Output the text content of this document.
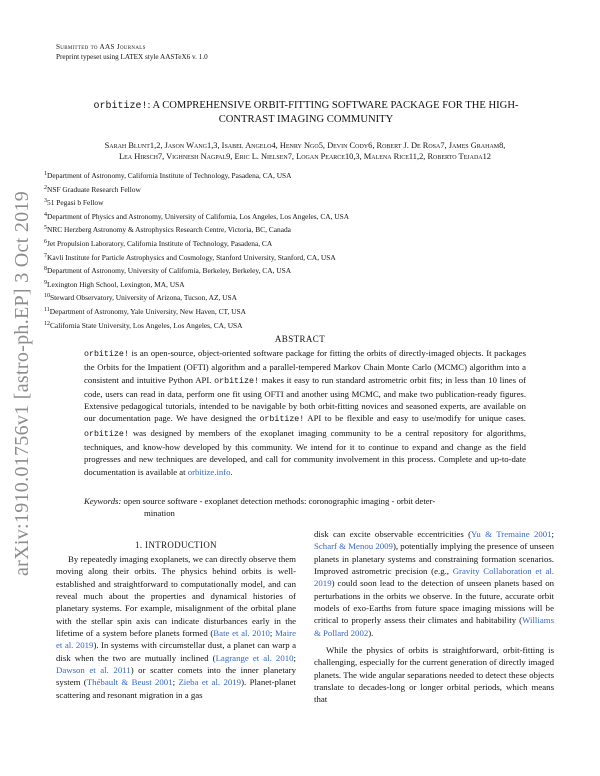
arXiv:1910.01756v1 [astro-ph.EP] 3 Oct 2019
Submitted to AAS Journals
Preprint typeset using LATEX style AASTeX6 v. 1.0
orbitize!: A COMPREHENSIVE ORBIT-FITTING SOFTWARE PACKAGE FOR THE HIGH-CONTRAST IMAGING COMMUNITY
Sarah Blunt1,2, Jason Wang1,3, Isabel Angelo4, Henry Ngo5, Devin Cody6, Robert J. De Rosa7, James Graham8,
Lea Hirsch7, Vighnesh Nagpal9, Eric L. Nielsen7, Logan Pearce10,3, Malena Rice11,2, Roberto Tejada12
$^1$Department of Astronomy, California Institute of Technology, Pasadena, CA, USA
$^2$NSF Graduate Research Fellow
$^3$51 Pegasi b Fellow
$^4$Department of Physics and Astronomy, University of California, Los Angeles, Los Angeles, CA, USA
$^5$NRC Herzberg Astronomy & Astrophysics Research Centre, Victoria, BC, Canada
$^6$Jet Propulsion Laboratory, California Institute of Technology, Pasadena, CA
$^7$Kavli Institute for Particle Astrophysics and Cosmology, Stanford University, Stanford, CA, USA
$^8$Department of Astronomy, University of California, Berkeley, Berkeley, CA, USA
$^9$Lexington High School, Lexington, MA, USA
$^{10}$Steward Observatory, University of Arizona, Tucson, AZ, USA
$^{11}$Department of Astronomy, Yale University, New Haven, CT, USA
$^{12}$California State University, Los Angeles, Los Angeles, CA, USA
ABSTRACT

orbitize! is an open-source, object-oriented software package for fitting the orbits of directly-imaged objects. It packages the Orbits for the Impatient (OFTI) algorithm and a parallel-tempered Markov Chain Monte Carlo (MCMC) algorithm into a consistent and intuitive Python API. orbitize! makes it easy to run standard astrometric orbit fits; in less than 10 lines of code, users can read in data, perform one fit using OFTI and another using MCMC, and make two publication-ready figures. Extensive pedagogical tutorials, intended to be navigable by both orbit-fitting novices and seasoned experts, are available on our documentation page. We have designed the orbitize! API to be flexible and easy to use/modify for unique cases. orbitize! was designed by members of the exoplanet imaging community to be a central repository for algorithms, techniques, and know-how developed by this community. We intend for it to continue to expand and change as the field progresses and new techniques are developed, and call for community involvement in this process. Complete and up-to-date documentation is available at orbitize.info.

Keywords: open source software - exoplanet detection methods: coronographic imaging - orbit deter-
mination
1. INTRODUCTION

By repeatedly imaging exoplanets, we can directly observe them moving along their orbits. The physics behind orbits is well-established and straightforward to computationally model, and can reveal much about the properties and dynamical histories of planetary systems. For example, misalignment of the orbital plane with the stellar spin axis can indicate disturbances early in the lifetime of a system before planets formed (Bate et al. 2010; Maire et al. 2019). In systems with circumstellar dust, a planet can warp a disk when the two are mutually inclined (Lagrange et al. 2010; Dawson et al. 2011) or scatter comets into the inner planetary system (Thébault & Beust 2001; Zieba et al. 2019). Planet-planet scattering and resonant migration in a gas

disk can excite observable eccentricities (Yu & Tremaine 2001; Scharf & Menou 2009), potentially implying the presence of unseen planets in planetary systems and constraining formation scenarios. Improved astrometric precision (e.g., Gravity Collaboration et al. 2019) could soon lead to the detection of unseen planets based on perturbations in the orbits we observe. In the future, accurate orbit models of exo-Earths from future space imaging missions will be critical to properly assess their climates and habitability (Williams & Pollard 2002).

While the physics of orbits is straightforward, orbit-fitting is challenging, especially for the current generation of directly imaged planets. The wide angular separations needed to detect these objects translate to decades-long or longer orbital periods, which means that
